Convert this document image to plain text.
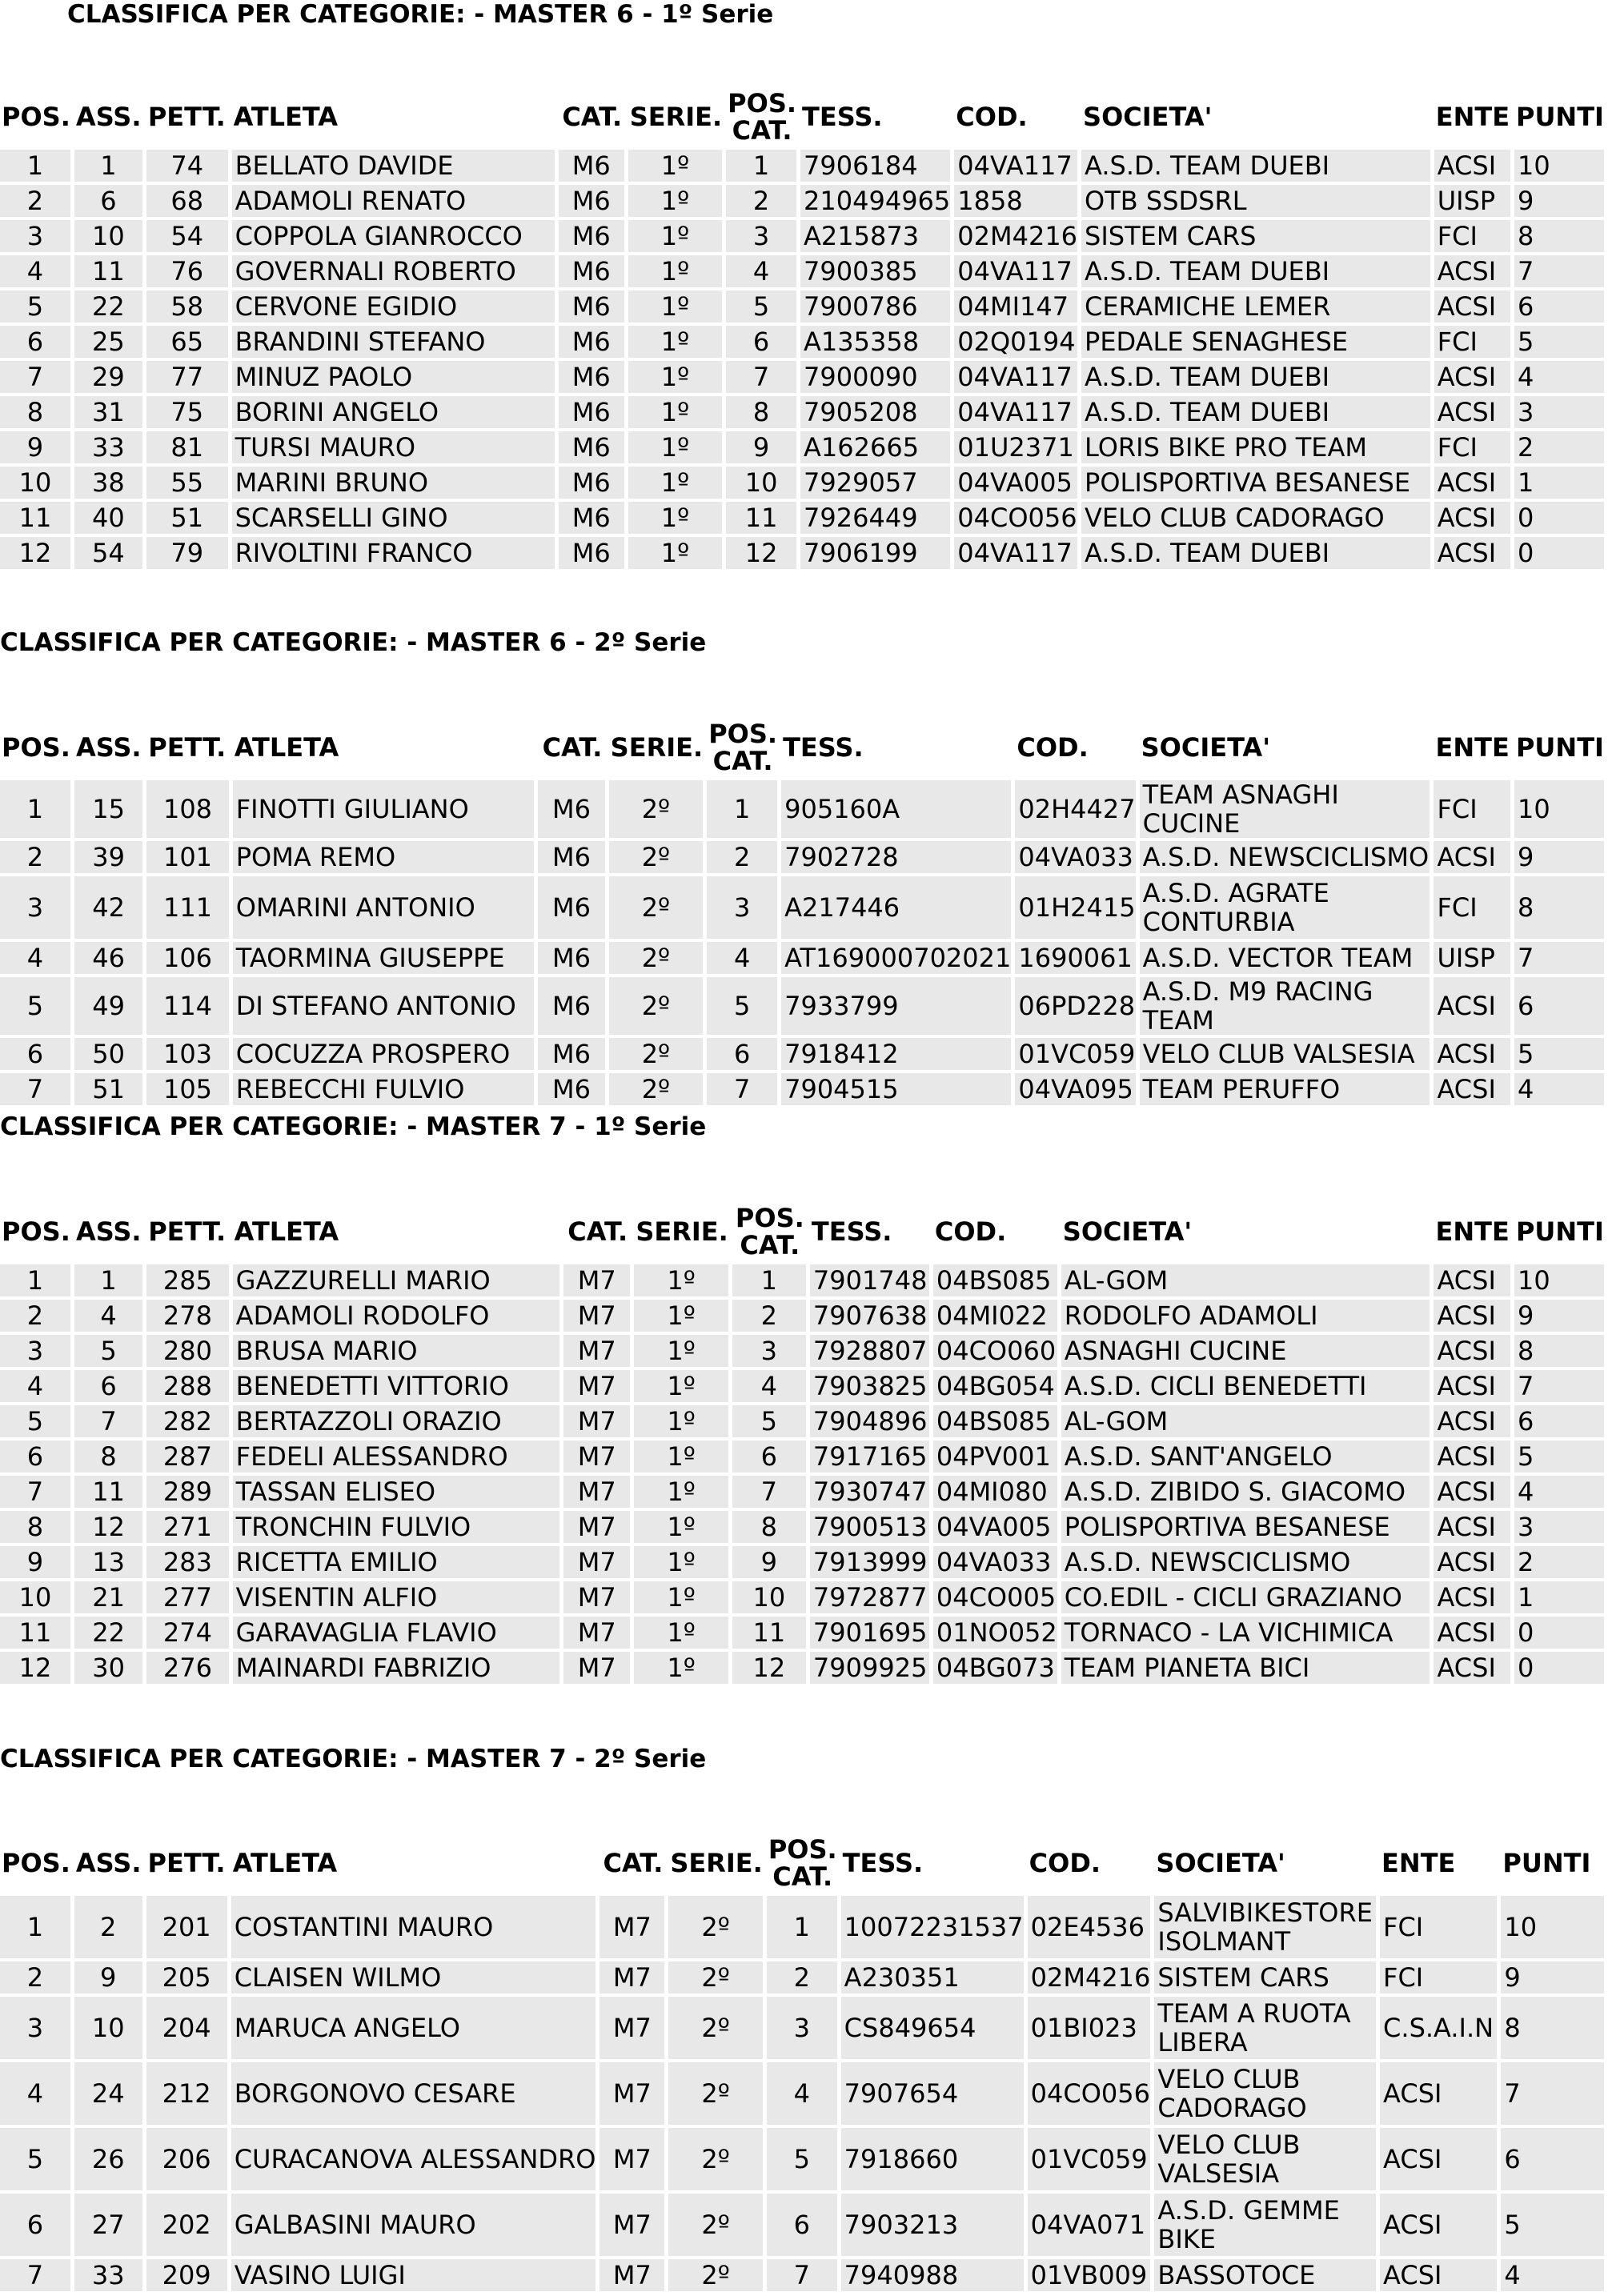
CLASSIFICA PER CATEGORIE: - MASTER 6 - 1º Serie
POS.	ASS.	PETT.	ATLETA	CAT.	SERIE.	POS.
CAT.	TESS.	COD.	SOCIETA'	ENTE	PUNTI
1	1	74	BELLATO DAVIDE	M6	1º	1	7906184	04VA117	A.S.D. TEAM DUEBI	ACSI	10
2	6	68	ADAMOLI RENATO	M6	1º	2	210494965	1858	OTB SSDSRL	UISP	9
3	10	54	COPPOLA GIANROCCO	M6	1º	3	A215873	02M4216	SISTEM CARS	FCI	8
4	11	76	GOVERNALI ROBERTO	M6	1º	4	7900385	04VA117	A.S.D. TEAM DUEBI	ACSI	7
5	22	58	CERVONE EGIDIO	M6	1º	5	7900786	04MI147	CERAMICHE LEMER	ACSI	6
6	25	65	BRANDINI STEFANO	M6	1º	6	A135358	02Q0194	PEDALE SENAGHESE	FCI	5
7	29	77	MINUZ PAOLO	M6	1º	7	7900090	04VA117	A.S.D. TEAM DUEBI	ACSI	4
8	31	75	BORINI ANGELO	M6	1º	8	7905208	04VA117	A.S.D. TEAM DUEBI	ACSI	3
9	33	81	TURSI MAURO	M6	1º	9	A162665	01U2371	LORIS BIKE PRO TEAM	FCI	2
10	38	55	MARINI BRUNO	M6	1º	10	7929057	04VA005	POLISPORTIVA BESANESE	ACSI	1
11	40	51	SCARSELLI GINO	M6	1º	11	7926449	04CO056	VELO CLUB CADORAGO	ACSI	0
12	54	79	RIVOLTINI FRANCO	M6	1º	12	7906199	04VA117	A.S.D. TEAM DUEBI	ACSI	0
CLASSIFICA PER CATEGORIE: - MASTER 6 - 2º Serie
POS.	ASS.	PETT.	ATLETA	CAT.	SERIE.	POS.
CAT.	TESS.	COD.	SOCIETA'	ENTE	PUNTI
1	15	108	FINOTTI GIULIANO	M6	2º	1	905160A	02H4427	TEAM ASNAGHI CUCINE	FCI	10
2	39	101	POMA REMO	M6	2º	2	7902728	04VA033	A.S.D. NEWSCICLISMO	ACSI	9
3	42	111	OMARINI ANTONIO	M6	2º	3	A217446	01H2415	A.S.D. AGRATE CONTURBIA	FCI	8
4	46	106	TAORMINA GIUSEPPE	M6	2º	4	AT169000702021	1690061	A.S.D. VECTOR TEAM	UISP	7
5	49	114	DI STEFANO ANTONIO	M6	2º	5	7933799	06PD228	A.S.D. M9 RACING TEAM	ACSI	6
6	50	103	COCUZZA PROSPERO	M6	2º	6	7918412	01VC059	VELO CLUB VALSESIA	ACSI	5
7	51	105	REBECCHI FULVIO	M6	2º	7	7904515	04VA095	TEAM PERUFFO	ACSI	4
CLASSIFICA PER CATEGORIE: - MASTER 7 - 1º Serie
POS.	ASS.	PETT.	ATLETA	CAT.	SERIE.	POS.
CAT.	TESS.	COD.	SOCIETA'	ENTE	PUNTI
1	1	285	GAZZURELLI MARIO	M7	1º	1	7901748	04BS085	AL-GOM	ACSI	10
2	4	278	ADAMOLI RODOLFO	M7	1º	2	7907638	04MI022	RODOLFO ADAMOLI	ACSI	9
3	5	280	BRUSA MARIO	M7	1º	3	7928807	04CO060	ASNAGHI CUCINE	ACSI	8
4	6	288	BENEDETTI VITTORIO	M7	1º	4	7903825	04BG054	A.S.D. CICLI BENEDETTI	ACSI	7
5	7	282	BERTAZZOLI ORAZIO	M7	1º	5	7904896	04BS085	AL-GOM	ACSI	6
6	8	287	FEDELI ALESSANDRO	M7	1º	6	7917165	04PV001	A.S.D. SANT'ANGELO	ACSI	5
7	11	289	TASSAN ELISEO	M7	1º	7	7930747	04MI080	A.S.D. ZIBIDO S. GIACOMO	ACSI	4
8	12	271	TRONCHIN FULVIO	M7	1º	8	7900513	04VA005	POLISPORTIVA BESANESE	ACSI	3
9	13	283	RICETTA EMILIO	M7	1º	9	7913999	04VA033	A.S.D. NEWSCICLISMO	ACSI	2
10	21	277	VISENTIN ALFIO	M7	1º	10	7972877	04CO005	CO.EDIL - CICLI GRAZIANO	ACSI	1
11	22	274	GARAVAGLIA FLAVIO	M7	1º	11	7901695	01NO052	TORNACO - LA VICHIMICA	ACSI	0
12	30	276	MAINARDI FABRIZIO	M7	1º	12	7909925	04BG073	TEAM PIANETA BICI	ACSI	0
CLASSIFICA PER CATEGORIE: - MASTER 7 - 2º Serie
POS.	ASS.	PETT.	ATLETA	CAT.	SERIE.	POS.
CAT.	TESS.	COD.	SOCIETA'	ENTE	PUNTI
1	2	201	COSTANTINI MAURO	M7	2º	1	10072231537	02E4536	SALVIBIKESTORE ISOLMANT	FCI	10
2	9	205	CLAISEN WILMO	M7	2º	2	A230351	02M4216	SISTEM CARS	FCI	9
3	10	204	MARUCA ANGELO	M7	2º	3	CS849654	01BI023	TEAM A RUOTA LIBERA	C.S.A.I.N	8
4	24	212	BORGONOVO CESARE	M7	2º	4	7907654	04CO056	VELO CLUB CADORAGO	ACSI	7
5	26	206	CURACANOVA ALESSANDRO	M7	2º	5	7918660	01VC059	VELO CLUB VALSESIA	ACSI	6
6	27	202	GALBASINI MAURO	M7	2º	6	7903213	04VA071	A.S.D. GEMME BIKE	ACSI	5
7	33	209	VASINO LUIGI	M7	2º	7	7940988	01VB009	BASSOTOCE	ACSI	4
